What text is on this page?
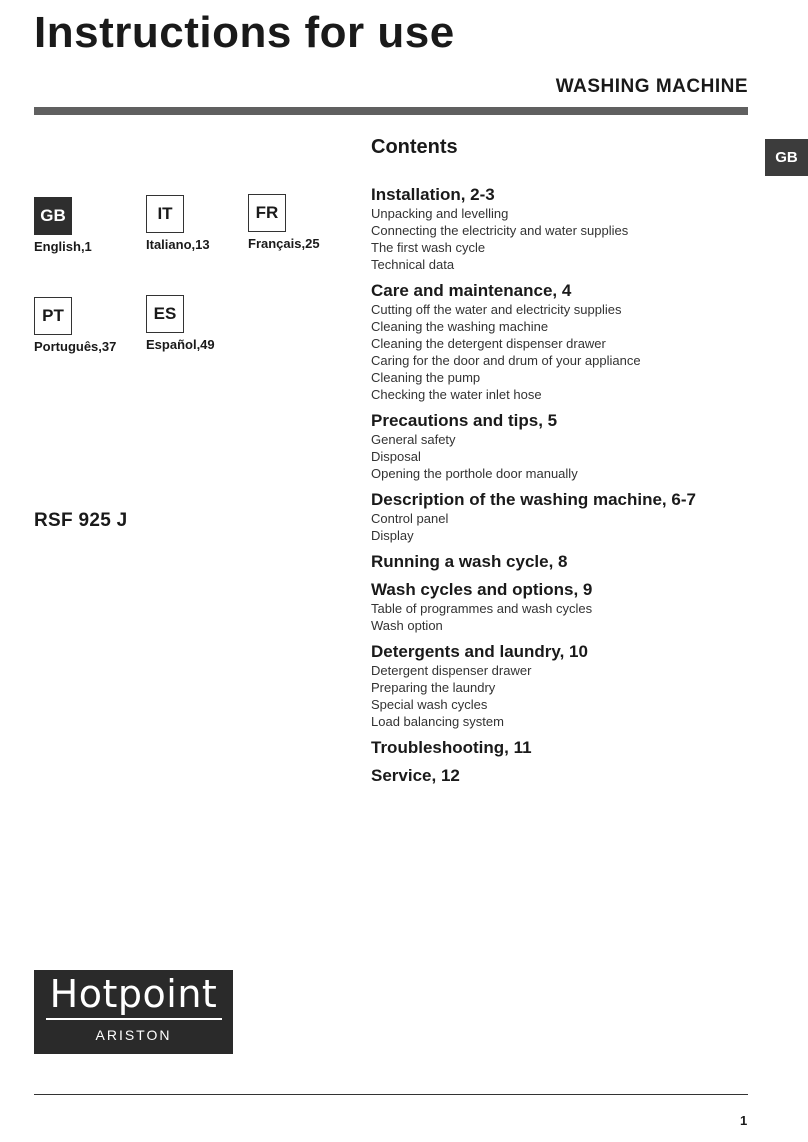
Instructions for use
WASHING MACHINE
GB
GB
English,1
IT
Italiano,13
FR
Français,25
PT
Português,37
ES
Español,49
RSF 925 J
Contents
Installation, 2-3
Unpacking and levelling
Connecting the electricity and water supplies
The first wash cycle
Technical data
Care and maintenance, 4
Cutting off the water and electricity supplies
Cleaning the washing machine
Cleaning the detergent dispenser drawer
Caring for the door and drum of your appliance
Cleaning the pump
Checking the water inlet hose
Precautions and tips, 5
General safety
Disposal
Opening the porthole door manually
Description of the washing machine, 6-7
Control panel
Display
Running a wash cycle, 8
Wash cycles and options, 9
Table of programmes and wash cycles
Wash option
Detergents and laundry, 10
Detergent dispenser drawer
Preparing the laundry
Special wash cycles
Load balancing system
Troubleshooting, 11
Service, 12
Hotpoint
ARISTON
1
